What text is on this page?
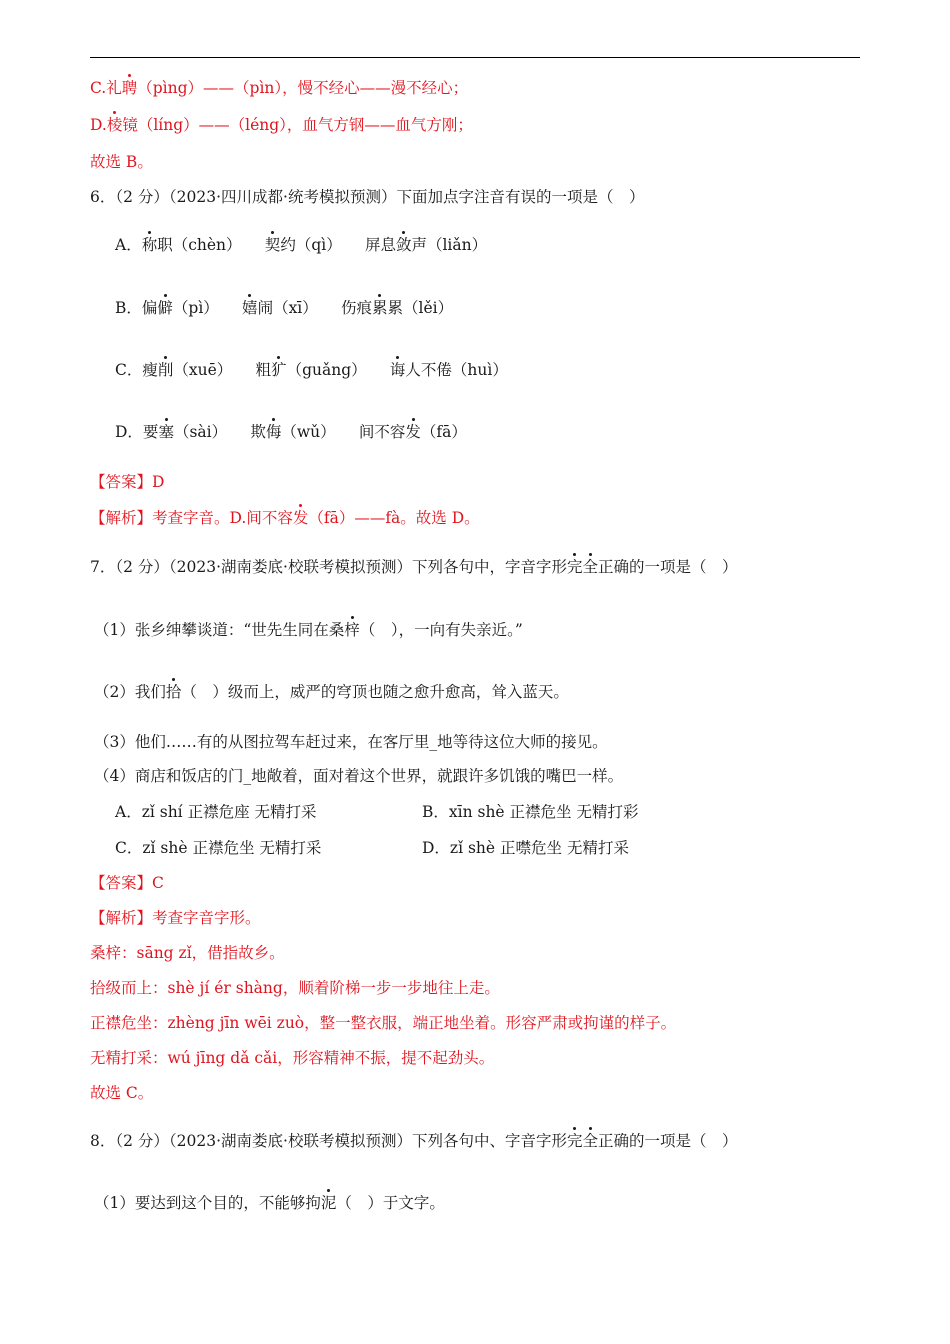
C.礼聘（pìng）——（pìn），慢不经心——漫不经心；
D.棱镜（líng）——（léng），血气方钢——血气方刚；
故选 B。
6．（2 分）（2023·四川成都·统考模拟预测）下面加点字注音有误的一项是（　）
A．称职（chèn）　　契约（qì）　　屏息敛声（liǎn）
B．偏僻（pì）　　嬉闹（xī）　　伤痕累累（lěi）
C．瘦削（xuē）　　粗犷（guǎng）　　诲人不倦（huì）
D．要塞（sài）　　欺侮（wǔ）　　间不容发（fā）
【答案】D
【解析】考查字音。D.间不容发（fā）——fà。故选 D。
7．（2 分）（2023·湖南娄底·校联考模拟预测）下列各句中，字音字形完全正确的一项是（　）
（1）张乡绅攀谈道：“世先生同在桑梓（　），一向有失亲近。”
（2）我们拾（　）级而上，威严的穹顶也随之愈升愈高，耸入蓝天。
（3）他们……有的从图拉驾车赶过来，在客厅里_地等待这位大师的接见。
（4）商店和饭店的门_地敞着，面对着这个世界，就跟许多饥饿的嘴巴一样。
A．zǐ shí 正襟危座 无精打采	B．xīn shè 正襟危坐 无精打彩
C．zǐ shè 正襟危坐 无精打采	D．zǐ shè 正噤危坐 无精打采
【答案】C
【解析】考查字音字形。
桑梓：sāng zǐ，借指故乡。
拾级而上：shè jí ér shàng，顺着阶梯一步一步地往上走。
正襟危坐：zhèng jīn wēi zuò，整一整衣服，端正地坐着。形容严肃或拘谨的样子。
无精打采：wú jīng dǎ cǎi，形容精神不振，提不起劲头。
故选 C。
8．（2 分）（2023·湖南娄底·校联考模拟预测）下列各句中、字音字形完全正确的一项是（　）
（1）要达到这个目的，不能够拘泥（　）于文字。
